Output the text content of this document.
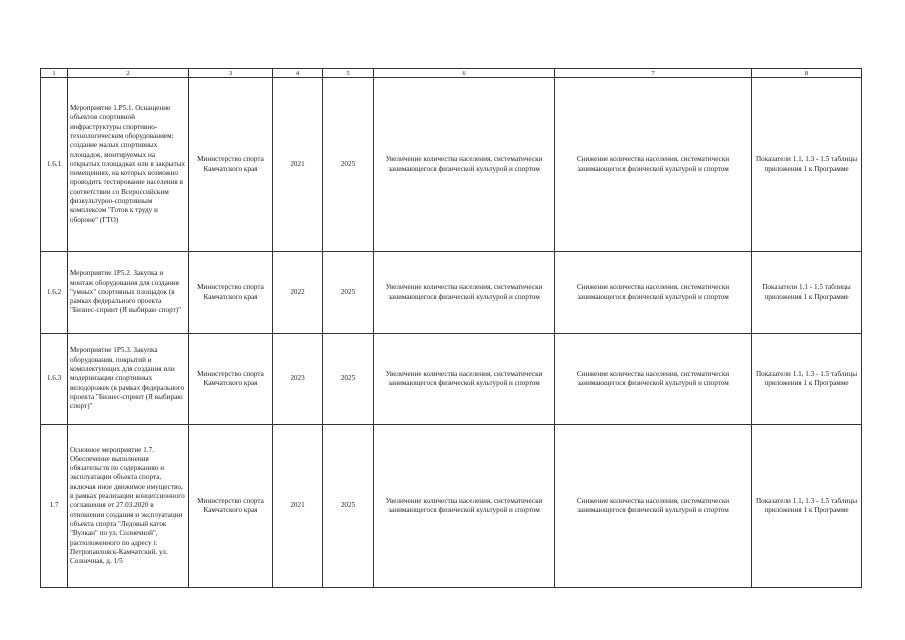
1	2	3	4	5	6	7	8
1.6.1	Мероприятие 1.P5.1. Оснащение объектов спортивной инфраструктуры спортивно-технологическим оборудованием: создание малых спортивных площадок, монтируемых на открытых площадках или в закрытых помещениях, на которых возможно проводить тестирование населения в соответствии со Всероссийским физкультурно-спортивным комплексом "Готов к труду и обороне" (ГТО)	Министерство спорта Камчатского края	2021	2025	Увеличение количества населения, систематически занимающегося физической культурой и спортом	Снижение количества населения, систематически занимающегося физической культурой и спортом	Показатели 1.1, 1.3 - 1.5 таблицы приложения 1 к Программе
1.6.2	Мероприятие 1P5.2. Закупка и монтаж оборудования для создания "умных" спортивных площадок (в рамках федерального проекта "Бизнес-спринт (Я выбираю спорт)"	Министерство спорта Камчатского края	2022	2025	Увеличение количества населения, систематически занимающегося физической культурой и спортом	Снижение количества населения, систематически занимающегося физической культурой и спортом	Показатели 1.1 - 1.5 таблицы приложения 1 к Программе
1.6.3	Мероприятие 1P5.3. Закупка оборудования, покрытий и комплектующих для создания или модернизации спортивных велодорожек (в рамках федерального проекта "Бизнес-спринт (Я выбираю спорт)"	Министерство спорта Камчатского края	2023	2025	Увеличение количества населения, систематически занимающегося физической культурой и спортом	Снижение количества населения, систематически занимающегося физической культурой и спортом	Показатели 1.1, 1.3 - 1.5 таблицы приложения 1 к Программе
1.7	Основное мероприятие 1.7. Обеспечение выполнения обязательств по содержанию и эксплуатации объекта спорта, включая иное движимое имущество, в рамках реализации концессионного соглашения от 27.03.2020 в отношении создания и эксплуатации объекта спорта "Ледовый каток "Вулкан" по ул. Солнечной", расположенного по адресу г. Петропавловск-Камчатский, ул. Солнечная, д. 1/5	Министерство спорта Камчатского края	2021	2025	Увеличение количества населения, систематически занимающегося физической культурой и спортом	Снижение количества населения, систематически занимающегося физической культурой и спортом	Показатели 1.1, 1.3 - 1.5 таблицы приложения 1 к Программе
